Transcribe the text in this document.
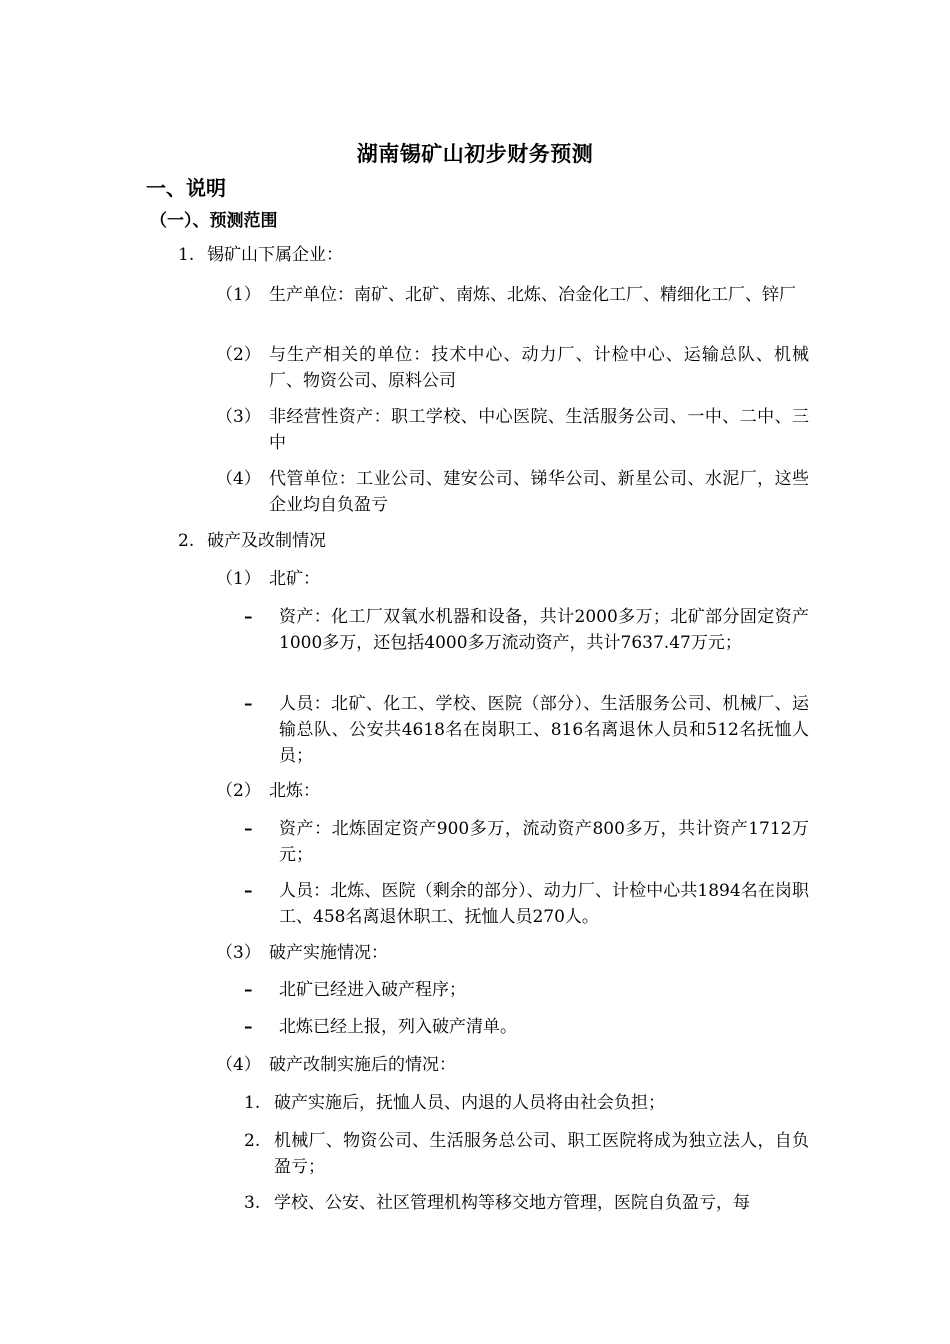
湖南锡矿山初步财务预测
一、说明
（一）、预测范围
1. 锡矿山下属企业：
（1） 生产单位：南矿、北矿、南炼、北炼、冶金化工厂、精细化工厂、锌厂
（2） 与生产相关的单位：技术中心、动力厂、计检中心、运输总队、机械厂、物资公司、原料公司
（3） 非经营性资产：职工学校、中心医院、生活服务公司、一中、二中、三中
（4） 代管单位：工业公司、建安公司、锑华公司、新星公司、水泥厂，这些企业均自负盈亏
2. 破产及改制情况
（1） 北矿：
– 资产：化工厂双氧水机器和设备，共计2000多万；北矿部分固定资产1000多万，还包括4000多万流动资产，共计7637.47万元；
– 人员：北矿、化工、学校、医院（部分）、生活服务公司、机械厂、运输总队、公安共4618名在岗职工、816名离退休人员和512名抚恤人员；
（2） 北炼：
– 资产：北炼固定资产900多万，流动资产800多万，共计资产1712万元；
– 人员：北炼、医院（剩余的部分）、动力厂、计检中心共1894名在岗职工、458名离退休职工、抚恤人员270人。
（3） 破产实施情况：
– 北矿已经进入破产程序；
– 北炼已经上报，列入破产清单。
（4） 破产改制实施后的情况：
1. 破产实施后，抚恤人员、内退的人员将由社会负担；
2. 机械厂、物资公司、生活服务总公司、职工医院将成为独立法人，自负盈亏；
3. 学校、公安、社区管理机构等移交地方管理，医院自负盈亏，每
